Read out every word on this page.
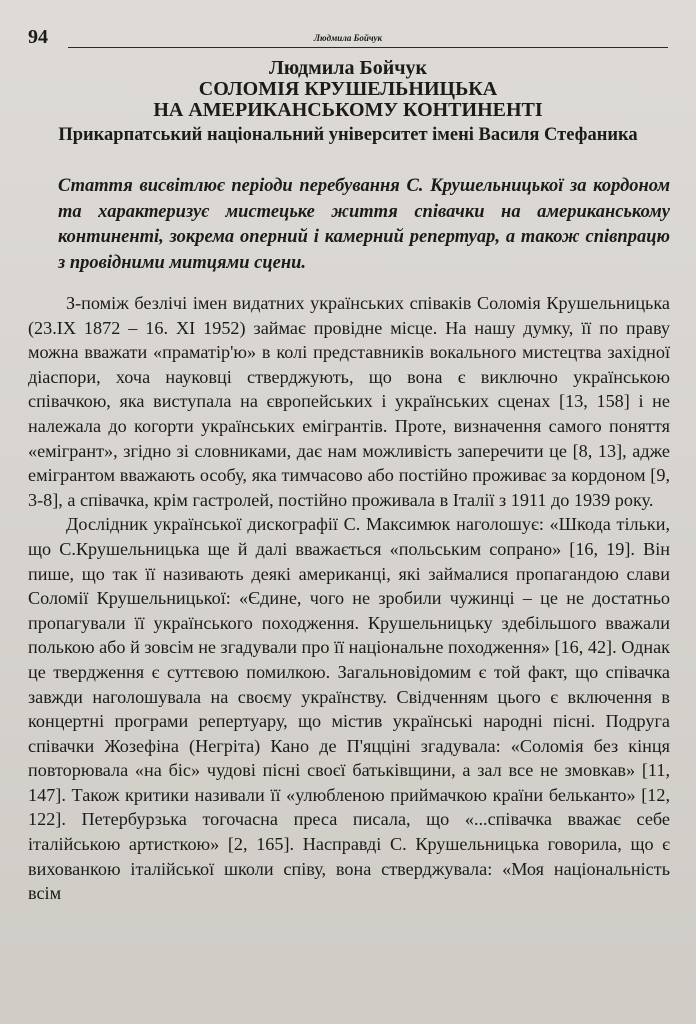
94	Людмила Бойчук
Людмила Бойчук
СОЛОМІЯ КРУШЕЛЬНИЦЬКА
НА АМЕРИКАНСЬКОМУ КОНТИНЕНТІ
Прикарпатський національний університет імені Василя Стефаника
Стаття висвітлює періоди перебування С. Крушельницької за кордоном та характеризує мистецьке життя співачки на американському континенті, зокрема оперний і камерний репертуар, а також співпрацю з провідними митцями сцени.

З-поміж безлічі імен видатних українських співаків Соломія Крушельницька (23.IX 1872 – 16. XI 1952) займає провідне місце. На нашу думку, її по праву можна вважати «праматір'ю» в колі представників вокального мистецтва західної діаспори, хоча науковці стверджують, що вона є виключно українською співачкою, яка виступала на європейських і українських сценах [13, 158] і не належала до когорти українських емігрантів. Проте, визначення самого поняття «емігрант», згідно зі словниками, дає нам можливість заперечити це [8, 13], адже емігрантом вважають особу, яка тимчасово або постійно проживає за кордоном [9, 3-8], а співачка, крім гастролей, постійно проживала в Італії з 1911 до 1939 року.

Дослідник української дискографії С. Максимюк наголошує: «Шкода тільки, що С.Крушельницька ще й далі вважається «польським сопрано» [16, 19]. Він пише, що так її називають деякі американці, які займалися пропагандою слави Соломії Крушельницької: «Єдине, чого не зробили чужинці – це не достатньо пропагували її українського походження. Крушельницьку здебільшого вважали полькою або й зовсім не згадували про її національне походження» [16, 42]. Однак це твердження є суттєвою помилкою. Загальновідомим є той факт, що співачка завжди наголошувала на своєму українству. Свідченням цього є включення в концертні програми репертуару, що містив українські народні пісні. Подруга співачки Жозефіна (Негріта) Кано де П'яцціні згадувала: «Соломія без кінця повторювала «на біс» чудові пісні своєї батьківщини, а зал все не змовкав» [11, 147]. Також критики називали її «улюбленою приймачкою країни бельканто» [12, 122]. Петербурзька тогочасна преса писала, що «...співачка вважає себе італійською артисткою» [2, 165]. Насправді С. Крушельницька говорила, що є вихованкою італійської школи співу, вона стверджувала: «Моя національність всім
